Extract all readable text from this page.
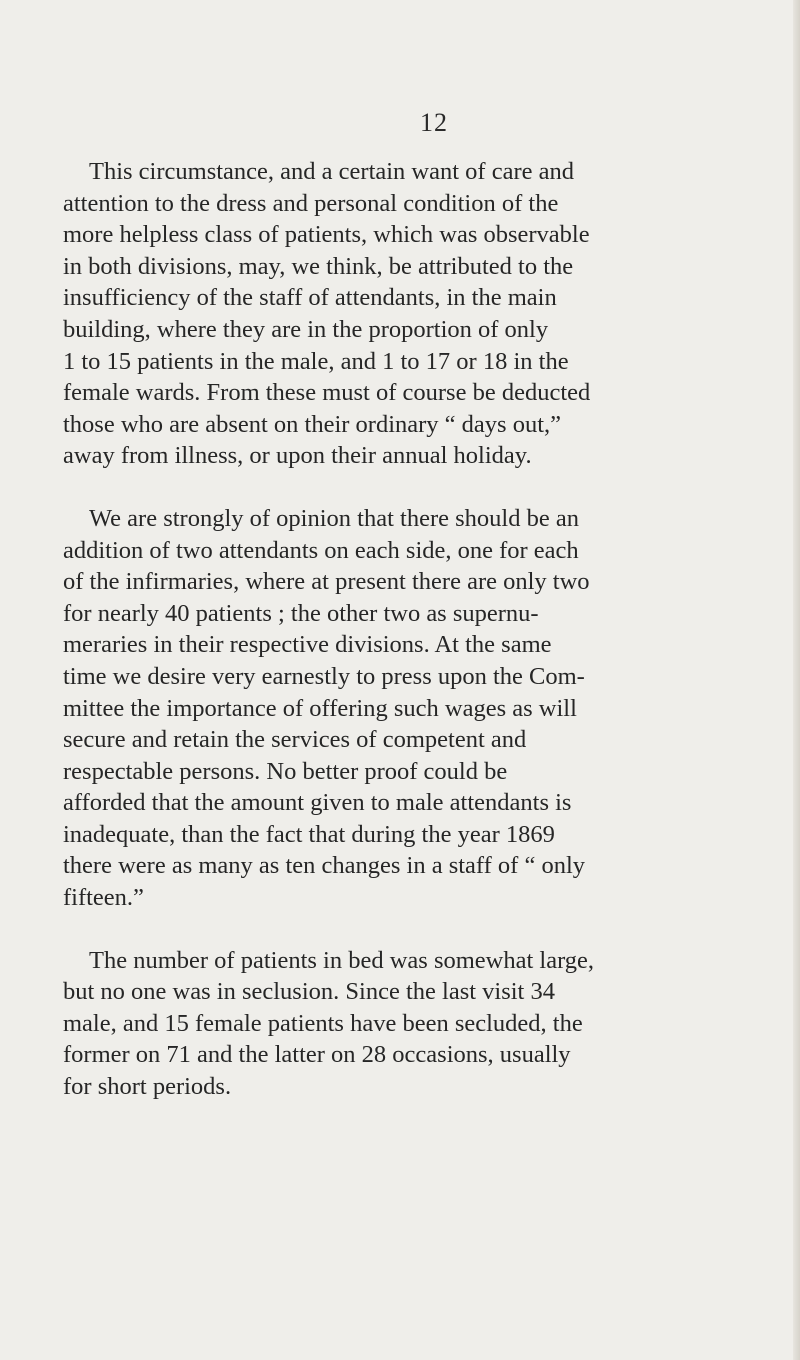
12
This circumstance, and a certain want of care and
attention to the dress and personal condition of the
more helpless class of patients, which was observable
in both divisions, may, we think, be attributed to the
insufficiency of the staff of attendants, in the main
building, where they are in the proportion of only
1 to 15 patients in the male, and 1 to 17 or 18 in the
female wards. From these must of course be deducted
those who are absent on their ordinary “ days out,”
away from illness, or upon their annual holiday.
We are strongly of opinion that there should be an
addition of two attendants on each side, one for each
of the infirmaries, where at present there are only two
for nearly 40 patients ; the other two as supernu-
meraries in their respective divisions. At the same
time we desire very earnestly to press upon the Com-
mittee the importance of offering such wages as will
secure and retain the services of competent and
respectable persons. No better proof could be
afforded that the amount given to male attendants is
inadequate, than the fact that during the year 1869
there were as many as ten changes in a staff of “ only
fifteen.”
The number of patients in bed was somewhat large,
but no one was in seclusion. Since the last visit 34
male, and 15 female patients have been secluded, the
former on 71 and the latter on 28 occasions, usually
for short periods.
